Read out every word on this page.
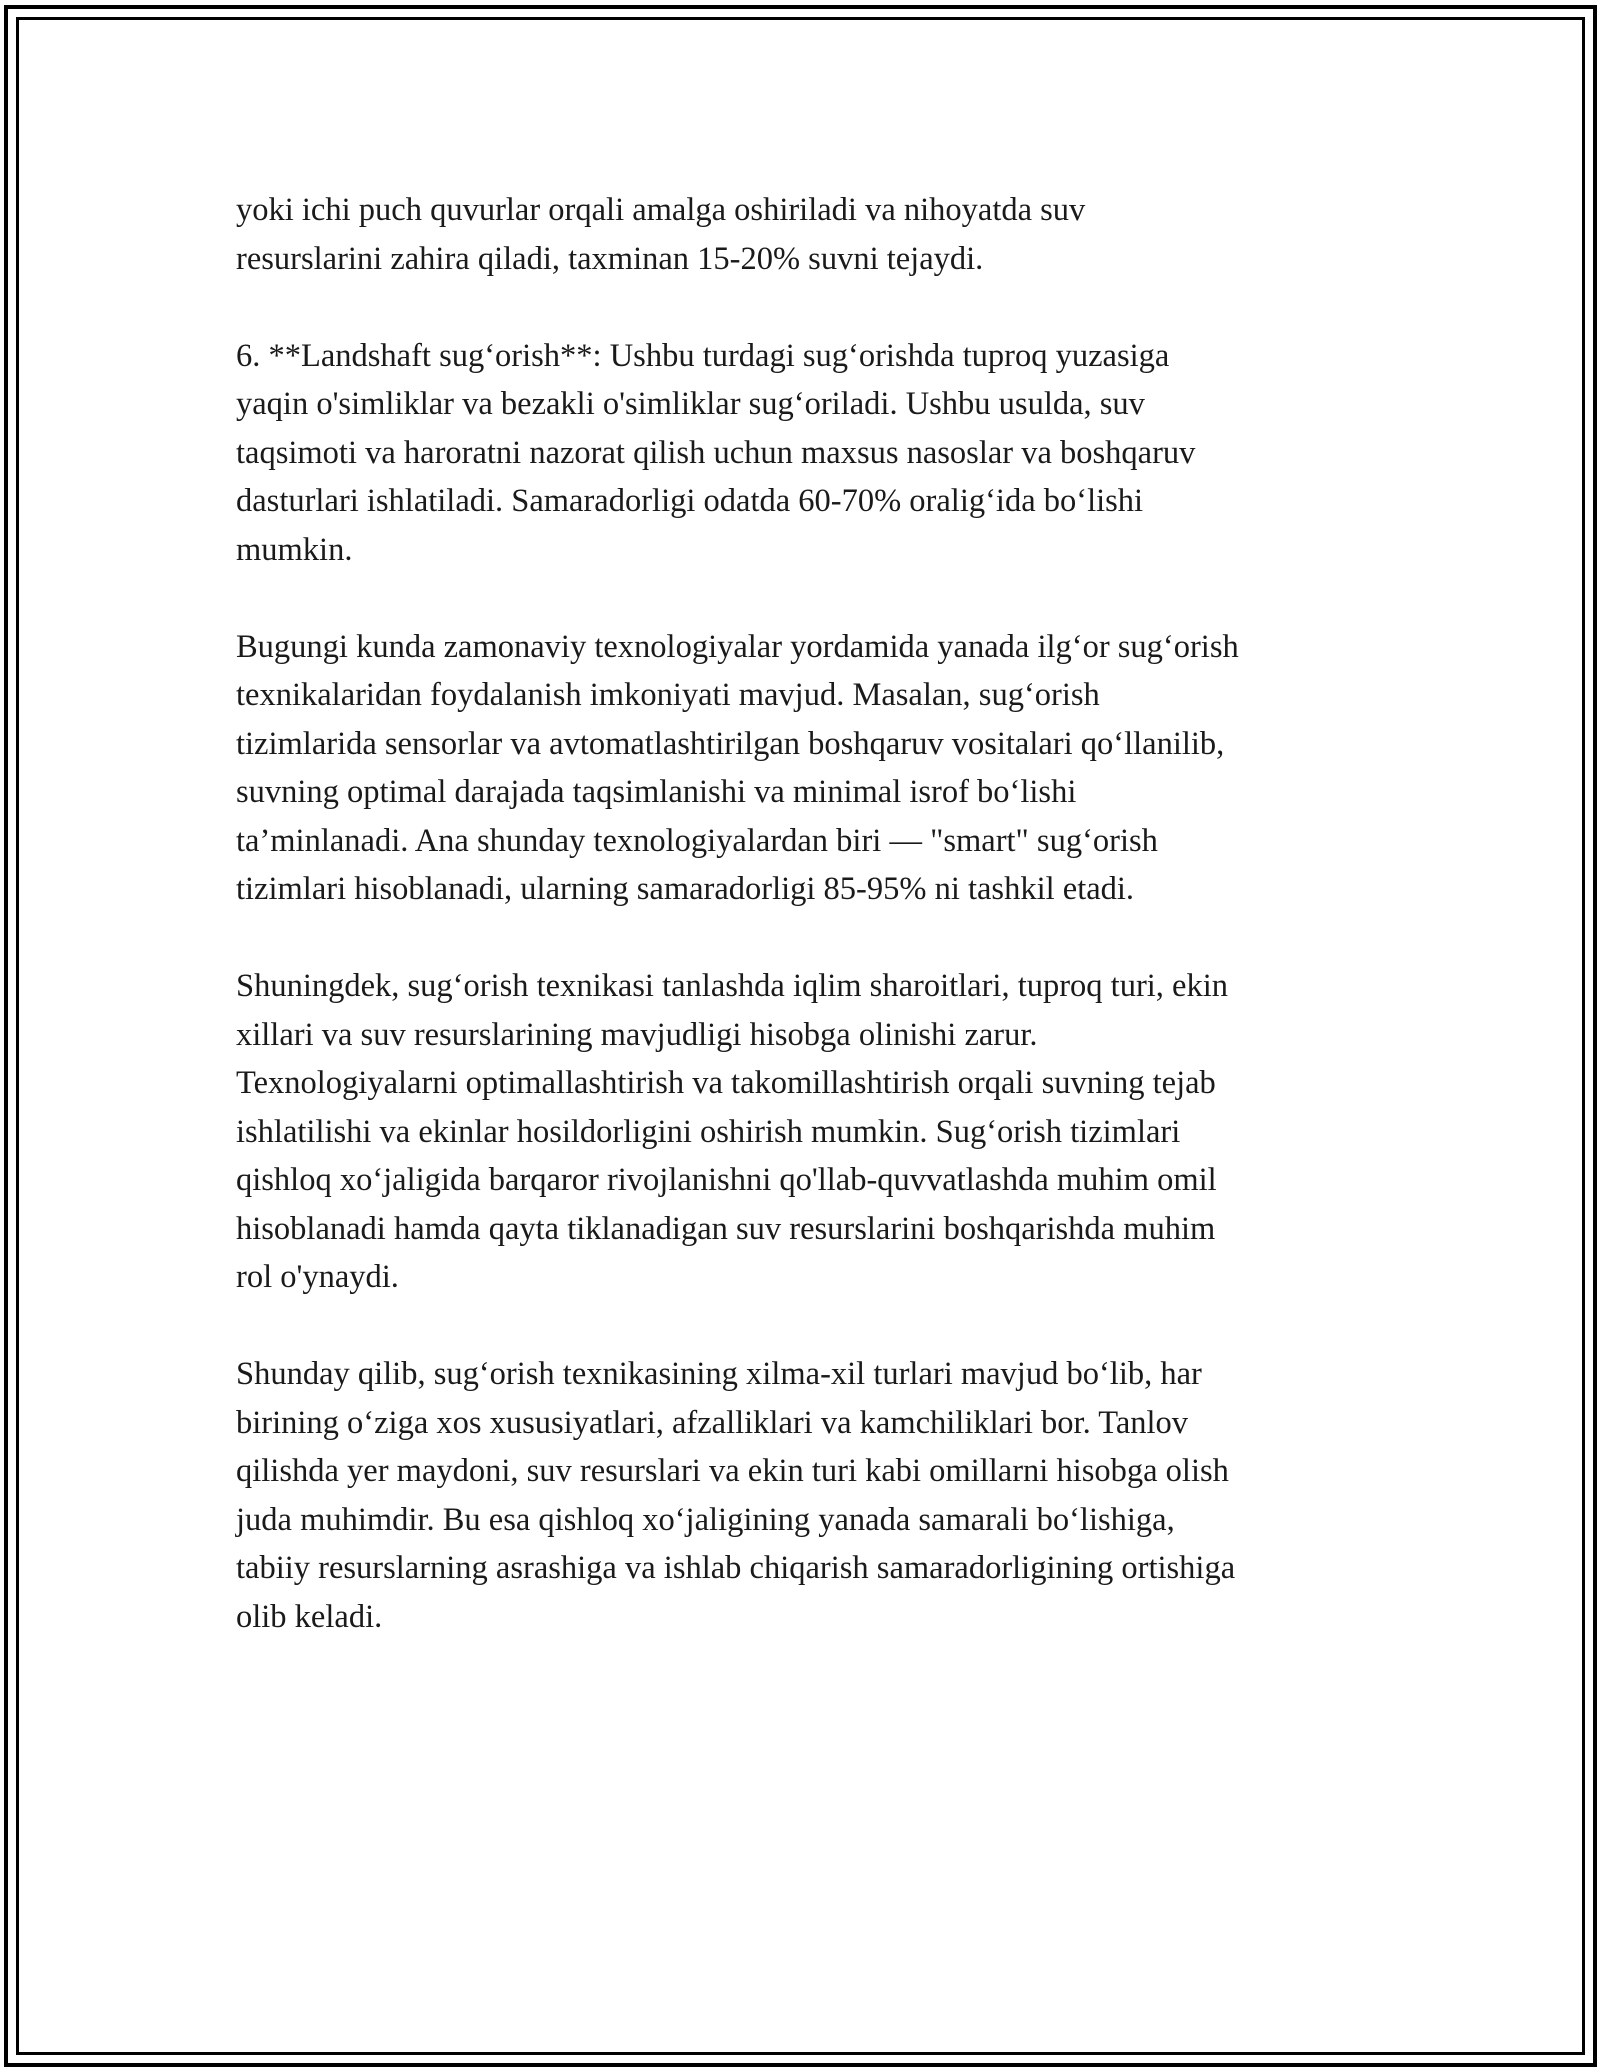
yoki ichi puch quvurlar orqali amalga oshiriladi va nihoyatda suv
resurslarini zahira qiladi, taxminan 15-20% suvni tejaydi.

6. **Landshaft sug‘orish**: Ushbu turdagi sug‘orishda tuproq yuzasiga
yaqin o'simliklar va bezakli o'simliklar sug‘oriladi. Ushbu usulda, suv
taqsimoti va haroratni nazorat qilish uchun maxsus nasoslar va boshqaruv
dasturlari ishlatiladi. Samaradorligi odatda 60-70% oralig‘ida bo‘lishi
mumkin.

Bugungi kunda zamonaviy texnologiyalar yordamida yanada ilg‘or sug‘orish
texnikalaridan foydalanish imkoniyati mavjud. Masalan, sug‘orish
tizimlarida sensorlar va avtomatlashtirilgan boshqaruv vositalari qo‘llanilib,
suvning optimal darajada taqsimlanishi va minimal isrof bo‘lishi
ta’minlanadi. Ana shunday texnologiyalardan biri — "smart" sug‘orish
tizimlari hisoblanadi, ularning samaradorligi 85-95% ni tashkil etadi.

Shuningdek, sug‘orish texnikasi tanlashda iqlim sharoitlari, tuproq turi, ekin
xillari va suv resurslarining mavjudligi hisobga olinishi zarur.
Texnologiyalarni optimallashtirish va takomillashtirish orqali suvning tejab
ishlatilishi va ekinlar hosildorligini oshirish mumkin. Sug‘orish tizimlari
qishloq xo‘jaligida barqaror rivojlanishni qo'llab-quvvatlashda muhim omil
hisoblanadi hamda qayta tiklanadigan suv resurslarini boshqarishda muhim
rol o'ynaydi.

Shunday qilib, sug‘orish texnikasining xilma-xil turlari mavjud bo‘lib, har
birining o‘ziga xos xususiyatlari, afzalliklari va kamchiliklari bor. Tanlov
qilishda yer maydoni, suv resurslari va ekin turi kabi omillarni hisobga olish
juda muhimdir. Bu esa qishloq xo‘jaligining yanada samarali bo‘lishiga,
tabiiy resurslarning asrashiga va ishlab chiqarish samaradorligining ortishiga
olib keladi.
